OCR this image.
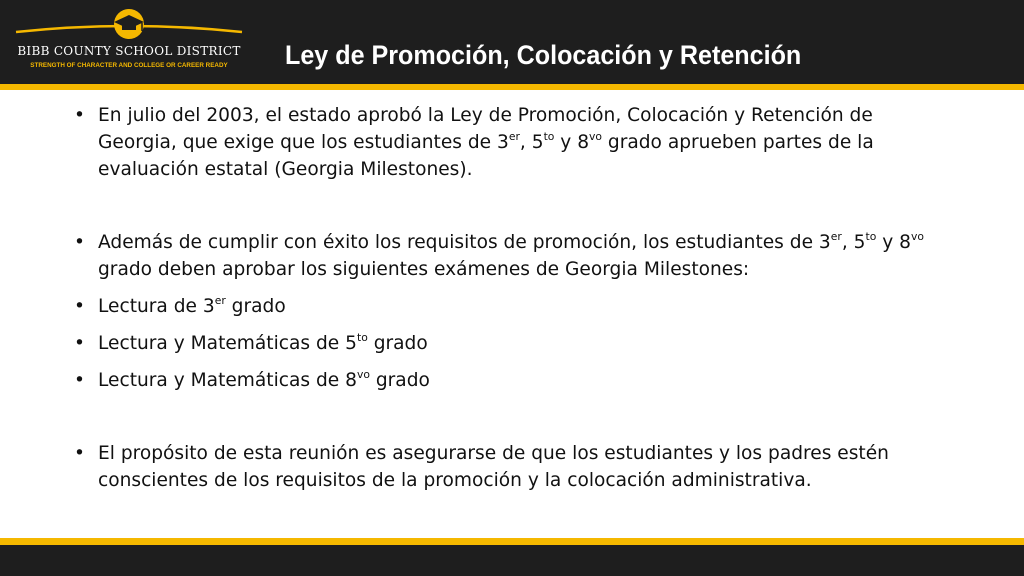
BIBB COUNTY SCHOOL DISTRICT
STRENGTH OF CHARACTER AND COLLEGE OR CAREER READY	Ley de Promoción, Colocación y Retención
• En julio del 2003, el estado aprobó la Ley de Promoción, Colocación y Retención de Georgia, que exige que los estudiantes de 3er, $5^{to}$ y $8^{vo}$ grado aprueben partes de la evaluación estatal (Georgia Milestones).
• Además de cumplir con éxito los requisitos de promoción, los estudiantes de 3er, $5^{to}$ y $8^{vo}$ grado deben aprobar los siguientes exámenes de Georgia Milestones:
• Lectura de 3er grado
• Lectura y Matemáticas de $5^{to}$ grado
• Lectura y Matemáticas de $8^{vo}$ grado
• El propósito de esta reunión es asegurarse de que los estudiantes y los padres estén conscientes de los requisitos de la promoción y la colocación administrativa.
